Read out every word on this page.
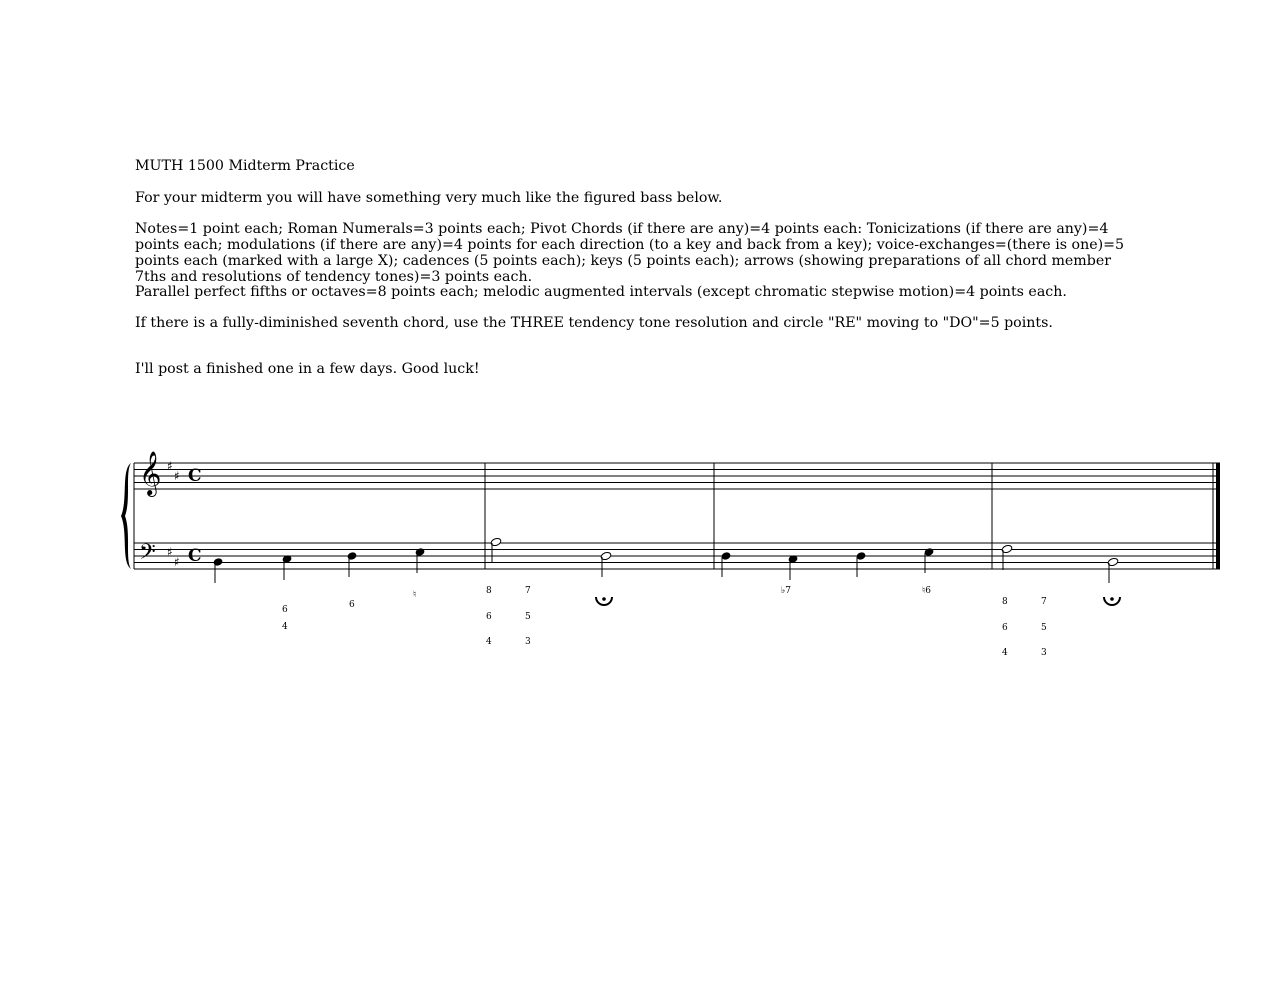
MUTH 1500 Midterm Practice

For your midterm you will have something very much like the figured bass below.

Notes=1 point each; Roman Numerals=3 points each; Pivot Chords (if there are any)=4 points each: Tonicizations (if there are any)=4 points each; modulations (if there are any)=4 points for each direction (to a key and back from a key); voice-exchanges=(there is one)=5 points each (marked with a large X); cadences (5 points each); keys (5 points each); arrows (showing preparations of all chord member 7ths and resolutions of tendency tones)=3 points each.

Parallel perfect fifths or octaves=8 points each; melodic augmented intervals (except chromatic stepwise motion)=4 points each.

If there is a fully-diminished seventh chord, use the THREE tendency tone resolution and circle "RE" moving to "DO"=5 points.

I'll post a finished one in a few days. Good luck!

𝄞
𝄢
♯
♯
♯
♯
C
C
6
4
6
♮	8
6
4
7
5
3
♭7	♮6
8
6
4
7
5
3
